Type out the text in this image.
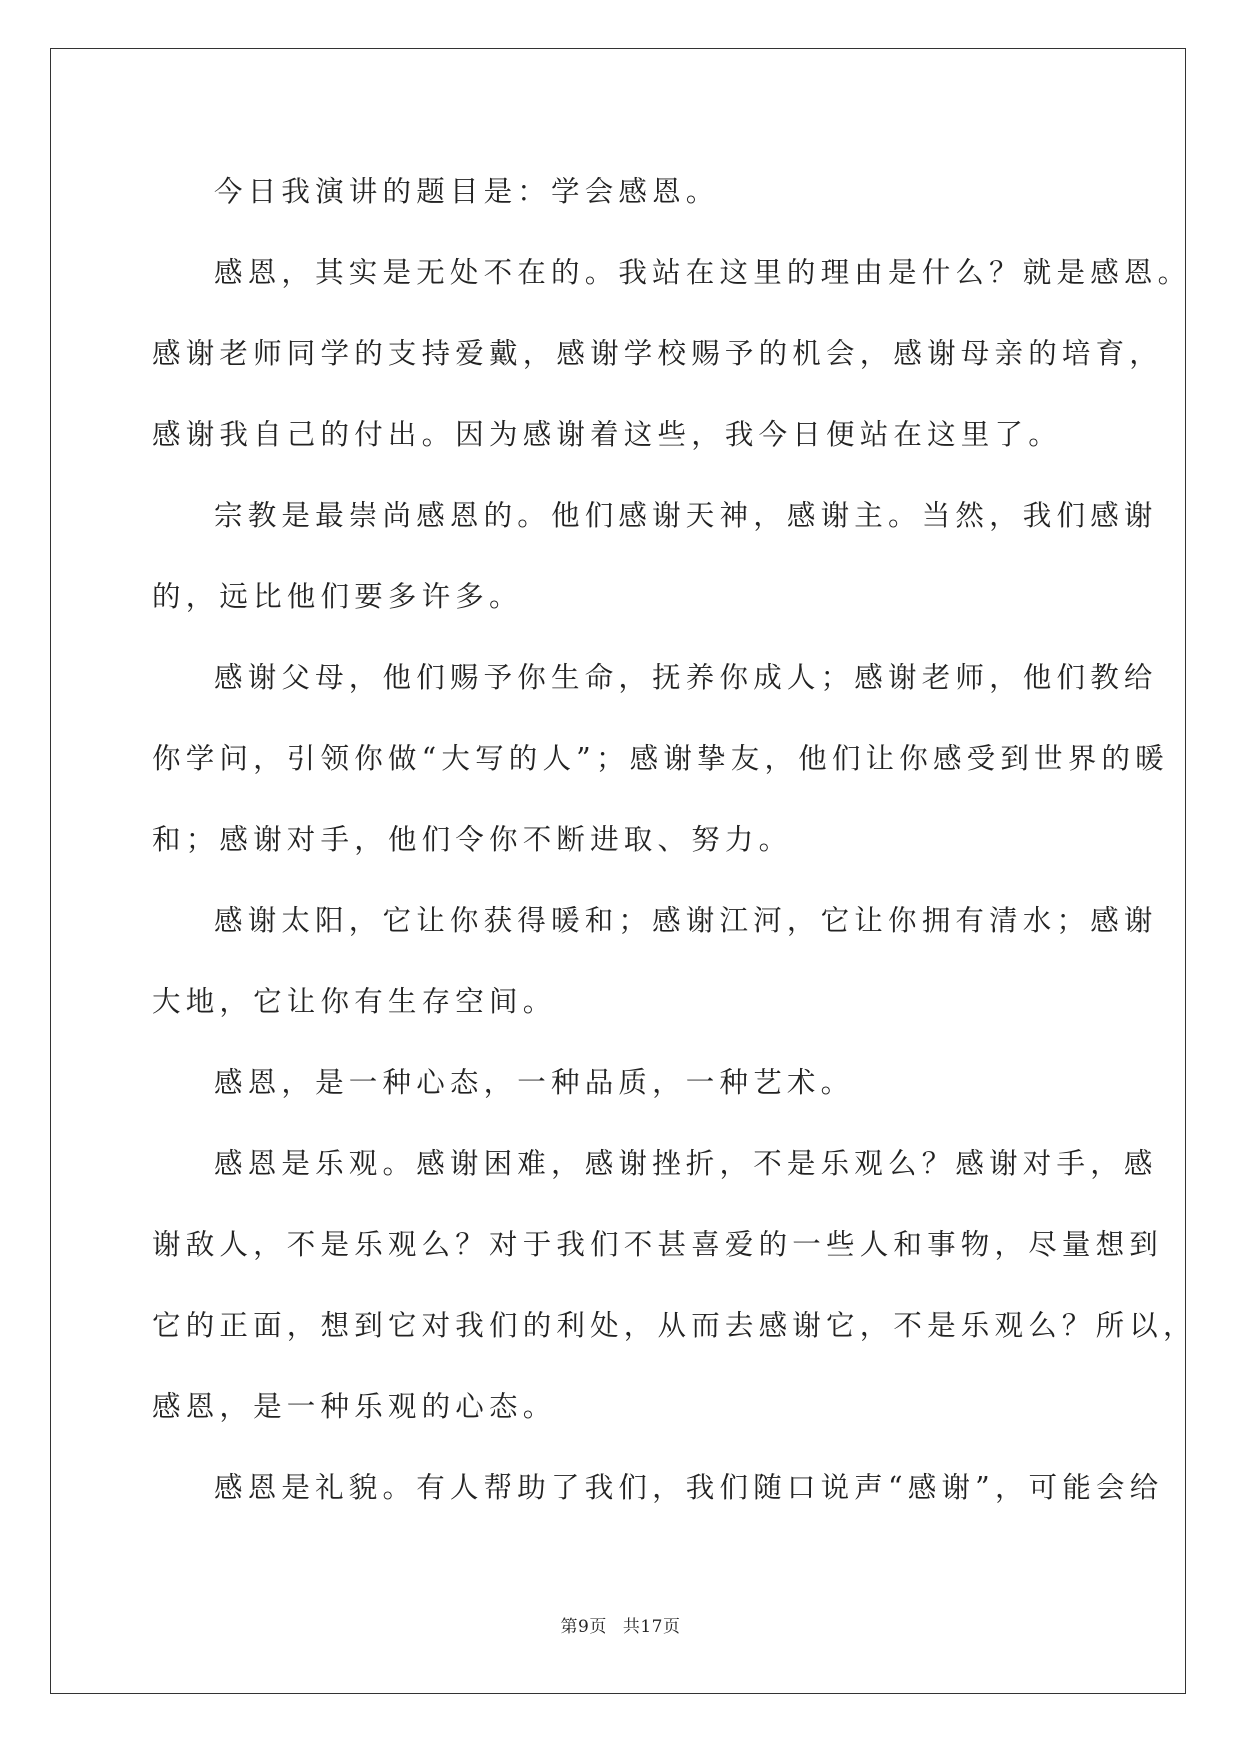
今日我演讲的题目是：学会感恩。
感恩，其实是无处不在的。我站在这里的理由是什么？就是感恩。
感谢老师同学的支持爱戴，感谢学校赐予的机会，感谢母亲的培育，
感谢我自己的付出。因为感谢着这些，我今日便站在这里了。
宗教是最崇尚感恩的。他们感谢天神，感谢主。当然，我们感谢
的，远比他们要多许多。
感谢父母，他们赐予你生命，抚养你成人；感谢老师，他们教给
你学问，引领你做“大写的人”；感谢挚友，他们让你感受到世界的暖
和；感谢对手，他们令你不断进取、努力。
感谢太阳，它让你获得暖和；感谢江河，它让你拥有清水；感谢
大地，它让你有生存空间。
感恩，是一种心态，一种品质，一种艺术。
感恩是乐观。感谢困难，感谢挫折，不是乐观么？感谢对手，感
谢敌人，不是乐观么？对于我们不甚喜爱的一些人和事物，尽量想到
它的正面，想到它对我们的利处，从而去感谢它，不是乐观么？所以，
感恩，是一种乐观的心态。
感恩是礼貌。有人帮助了我们，我们随口说声“感谢”，可能会给
第9页 共17页
